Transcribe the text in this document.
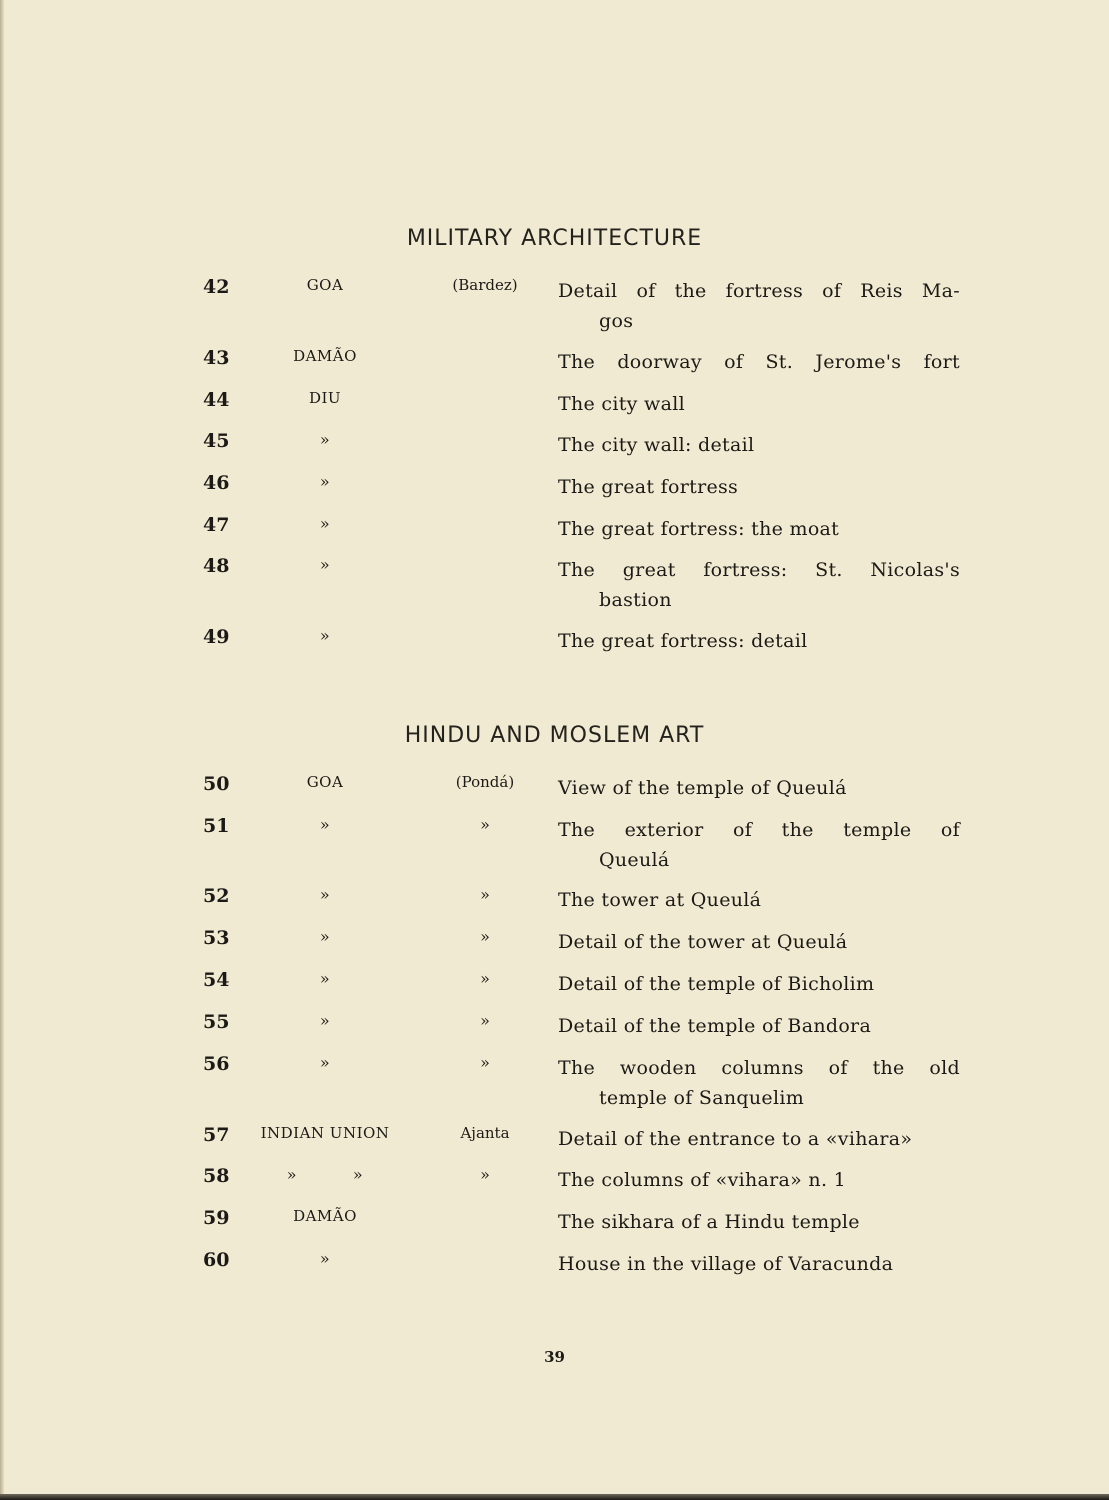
MILITARY ARCHITECTURE
42	GOA	(Bardez)	Detail of the fortress of Reis Ma-
gos
43	DAMÃO	The doorway of St. Jerome's fort
44	DIU	The city wall
45	»	The city wall: detail
46	»	The great fortress
47	»	The great fortress: the moat
48	»	The great fortress: St. Nicolas's
bastion
49	»	The great fortress: detail
HINDU AND MOSLEM ART
50	GOA	(Pondá)	View of the temple of Queulá
51	»	»	The exterior of the temple of
Queulá
52	»	»	The tower at Queulá
53	»	»	Detail of the tower at Queulá
54	»	»	Detail of the temple of Bicholim
55	»	»	Detail of the temple of Bandora
56	»	»	The wooden columns of the old
temple of Sanquelim
57	INDIAN UNION	Ajanta	Detail of the entrance to a «vihara»
58	»          »	»	The columns of «vihara» n. 1
59	DAMÃO	The sikhara of a Hindu temple
60	»	House in the village of Varacunda
39
